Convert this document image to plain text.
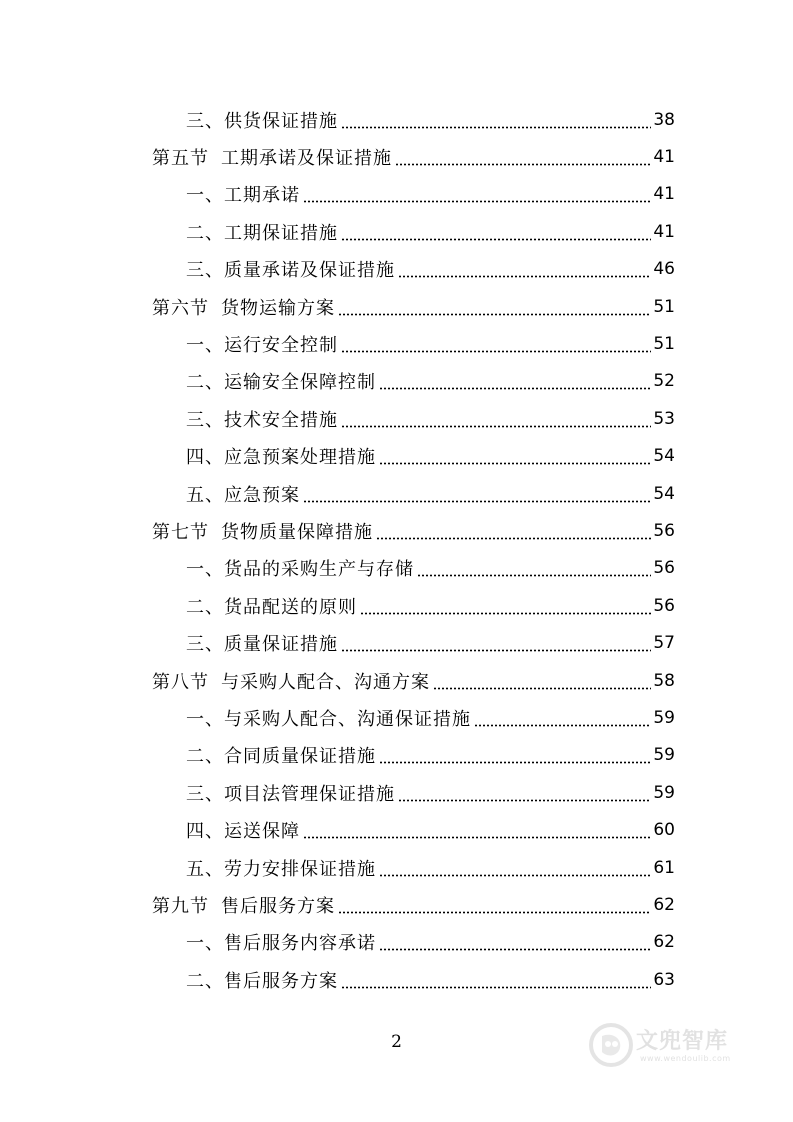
三、供货保证措施	38
第五节 工期承诺及保证措施	41
一、工期承诺	41
二、工期保证措施	41
三、质量承诺及保证措施	46
第六节 货物运输方案	51
一、运行安全控制	51
二、运输安全保障控制	52
三、技术安全措施	53
四、应急预案处理措施	54
五、应急预案	54
第七节 货物质量保障措施	56
一、货品的采购生产与存储	56
二、货品配送的原则	56
三、质量保证措施	57
第八节 与采购人配合、沟通方案	58
一、与采购人配合、沟通保证措施	59
二、合同质量保证措施	59
三、项目法管理保证措施	59
四、运送保障	60
五、劳力安排保证措施	61
第九节 售后服务方案	62
一、售后服务内容承诺	62
二、售后服务方案	63
2	文兜智库
www.wendoulib.com
